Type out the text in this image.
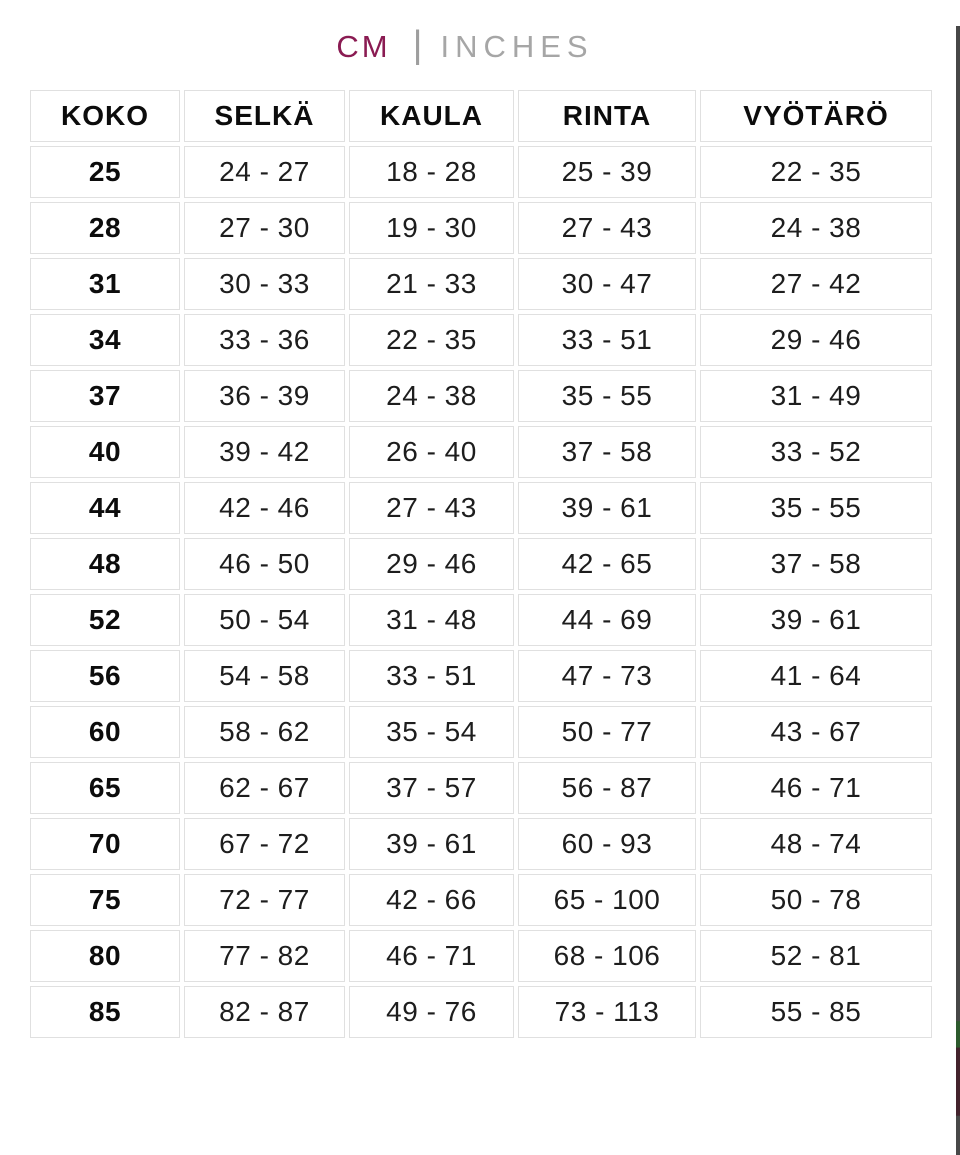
CM | INCHES
KOKO	SELKÄ	KAULA	RINTA	VYÖTÄRÖ
25	24 - 27	18 - 28	25 - 39	22 - 35
28	27 - 30	19 - 30	27 - 43	24 - 38
31	30 - 33	21 - 33	30 - 47	27 - 42
34	33 - 36	22 - 35	33 - 51	29 - 46
37	36 - 39	24 - 38	35 - 55	31 - 49
40	39 - 42	26 - 40	37 - 58	33 - 52
44	42 - 46	27 - 43	39 - 61	35 - 55
48	46 - 50	29 - 46	42 - 65	37 - 58
52	50 - 54	31 - 48	44 - 69	39 - 61
56	54 - 58	33 - 51	47 - 73	41 - 64
60	58 - 62	35 - 54	50 - 77	43 - 67
65	62 - 67	37 - 57	56 - 87	46 - 71
70	67 - 72	39 - 61	60 - 93	48 - 74
75	72 - 77	42 - 66	65 - 100	50 - 78
80	77 - 82	46 - 71	68 - 106	52 - 81
85	82 - 87	49 - 76	73 - 113	55 - 85
